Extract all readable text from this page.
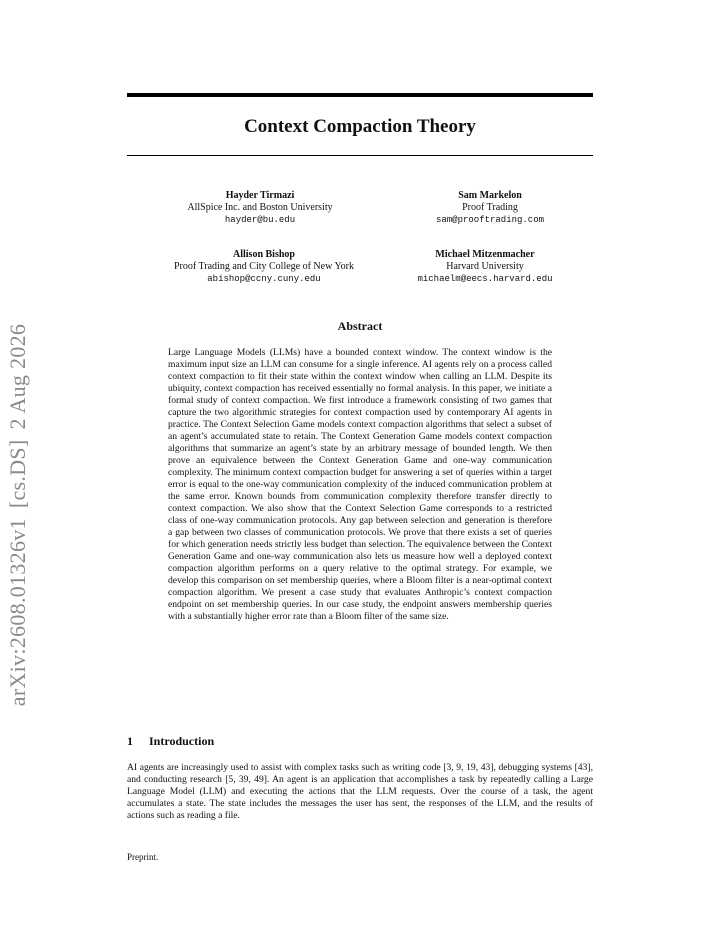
Context Compaction Theory
Hayder Tirmazi
AllSpice Inc. and Boston University
hayder@bu.edu
Sam Markelon
Proof Trading
sam@prooftrading.com
Allison Bishop
Proof Trading and City College of New York
abishop@ccny.cuny.edu
Michael Mitzenmacher
Harvard University
michaelm@eecs.harvard.edu
arXiv:2608.01326v1[cs.DS]2 Aug 2026	Abstract
Large Language Models (LLMs) have a bounded context window. The context window is the maximum input size an LLM can consume for a single inference. AI agents rely on a process called context compaction to fit their state within the context window when calling an LLM. Despite its ubiquity, context compaction has received essentially no formal analysis. In this paper, we initiate a formal study of context compaction. We first introduce a framework consisting of two games that capture the two algorithmic strategies for context compaction used by contemporary AI agents in practice. The Context Selection Game models context compaction algorithms that select a subset of an agent’s accumulated state to retain. The Context Generation Game models context compaction algorithms that summarize an agent’s state by an arbitrary message of bounded length. We then prove an equivalence between the Context Generation Game and one-way communication complexity. The minimum context compaction budget for answering a set of queries within a target error is equal to the one-way communication complexity of the induced communication problem at the same error. Known bounds from communication complexity therefore transfer directly to context compaction. We also show that the Context Selection Game corresponds to a restricted class of one-way communication protocols. Any gap between selection and generation is therefore a gap between two classes of communication protocols. We prove that there exists a set of queries for which generation needs strictly less budget than selection. The equivalence between the Context Generation Game and one-way communication also lets us measure how well a deployed context compaction algorithm performs on a query relative to the optimal strategy. For example, we develop this comparison on set membership queries, where a Bloom filter is a near-optimal context compaction algorithm. We present a case study that evaluates Anthropic’s context compaction endpoint on set membership queries. In our case study, the endpoint answers membership queries with a substantially higher error rate than a Bloom filter of the same size.
1 Introduction
AI agents are increasingly used to assist with complex tasks such as writing code [3, 9, 19, 43], debugging systems [43], and conducting research [5, 39, 49]. An agent is an application that accomplishes a task by repeatedly calling a Large Language Model (LLM) and executing the actions that the LLM requests. Over the course of a task, the agent accumulates a state. The state includes the messages the user has sent, the responses of the LLM, and the results of actions such as reading a file.
Preprint.
